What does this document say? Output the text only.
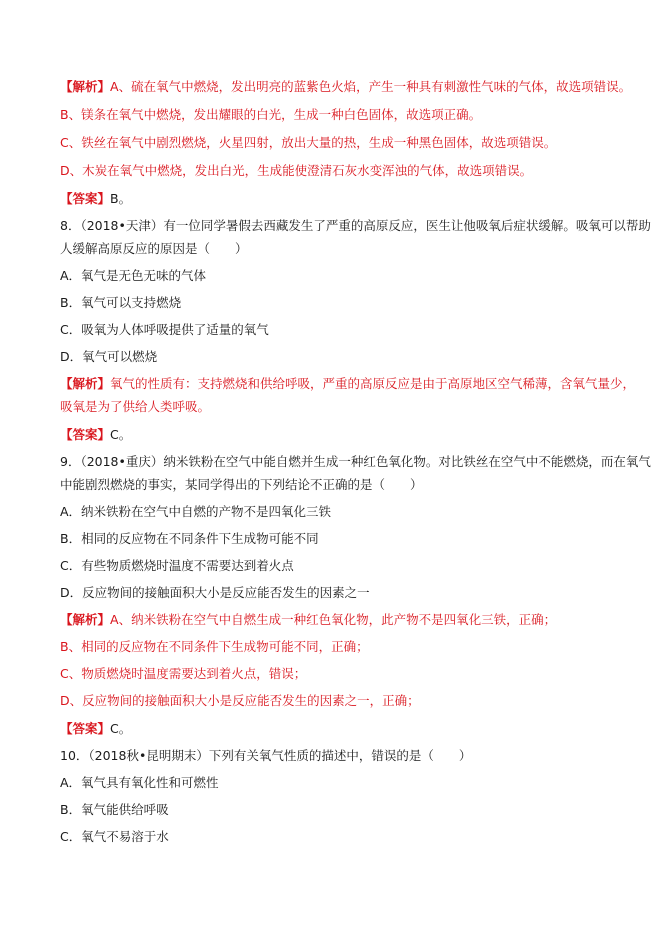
【解析】A、硫在氧气中燃烧，发出明亮的蓝紫色火焰，产生一种具有刺激性气味的气体，故选项错误。

B、镁条在氧气中燃烧，发出耀眼的白光，生成一种白色固体，故选项正确。

C、铁丝在氧气中剧烈燃烧，火星四射，放出大量的热，生成一种黑色固体，故选项错误。

D、木炭在氧气中燃烧，发出白光，生成能使澄清石灰水变浑浊的气体，故选项错误。

【答案】B。

8．（2018•天津）有一位同学暑假去西藏发生了严重的高原反应，医生让他吸氧后症状缓解。吸氧可以帮助

人缓解高原反应的原因是（　　）

A．氧气是无色无味的气体

B．氧气可以支持燃烧

C．吸氧为人体呼吸提供了适量的氧气

D．氧气可以燃烧

【解析】氧气的性质有：支持燃烧和供给呼吸，严重的高原反应是由于高原地区空气稀薄，含氧气量少，

吸氧是为了供给人类呼吸。

【答案】C。

9．（2018•重庆）纳米铁粉在空气中能自燃并生成一种红色氧化物。对比铁丝在空气中不能燃烧，而在氧气

中能剧烈燃烧的事实，某同学得出的下列结论不正确的是（　　）

A．纳米铁粉在空气中自燃的产物不是四氧化三铁

B．相同的反应物在不同条件下生成物可能不同

C．有些物质燃烧时温度不需要达到着火点

D．反应物间的接触面积大小是反应能否发生的因素之一

【解析】A、纳米铁粉在空气中自燃生成一种红色氧化物，此产物不是四氧化三铁，正确；

B、相同的反应物在不同条件下生成物可能不同，正确；

C、物质燃烧时温度需要达到着火点，错误；

D、反应物间的接触面积大小是反应能否发生的因素之一，正确；

【答案】C。

10．（2018秋•昆明期末）下列有关氧气性质的描述中，错误的是（　　）

A．氧气具有氧化性和可燃性

B．氧气能供给呼吸

C．氧气不易溶于水
